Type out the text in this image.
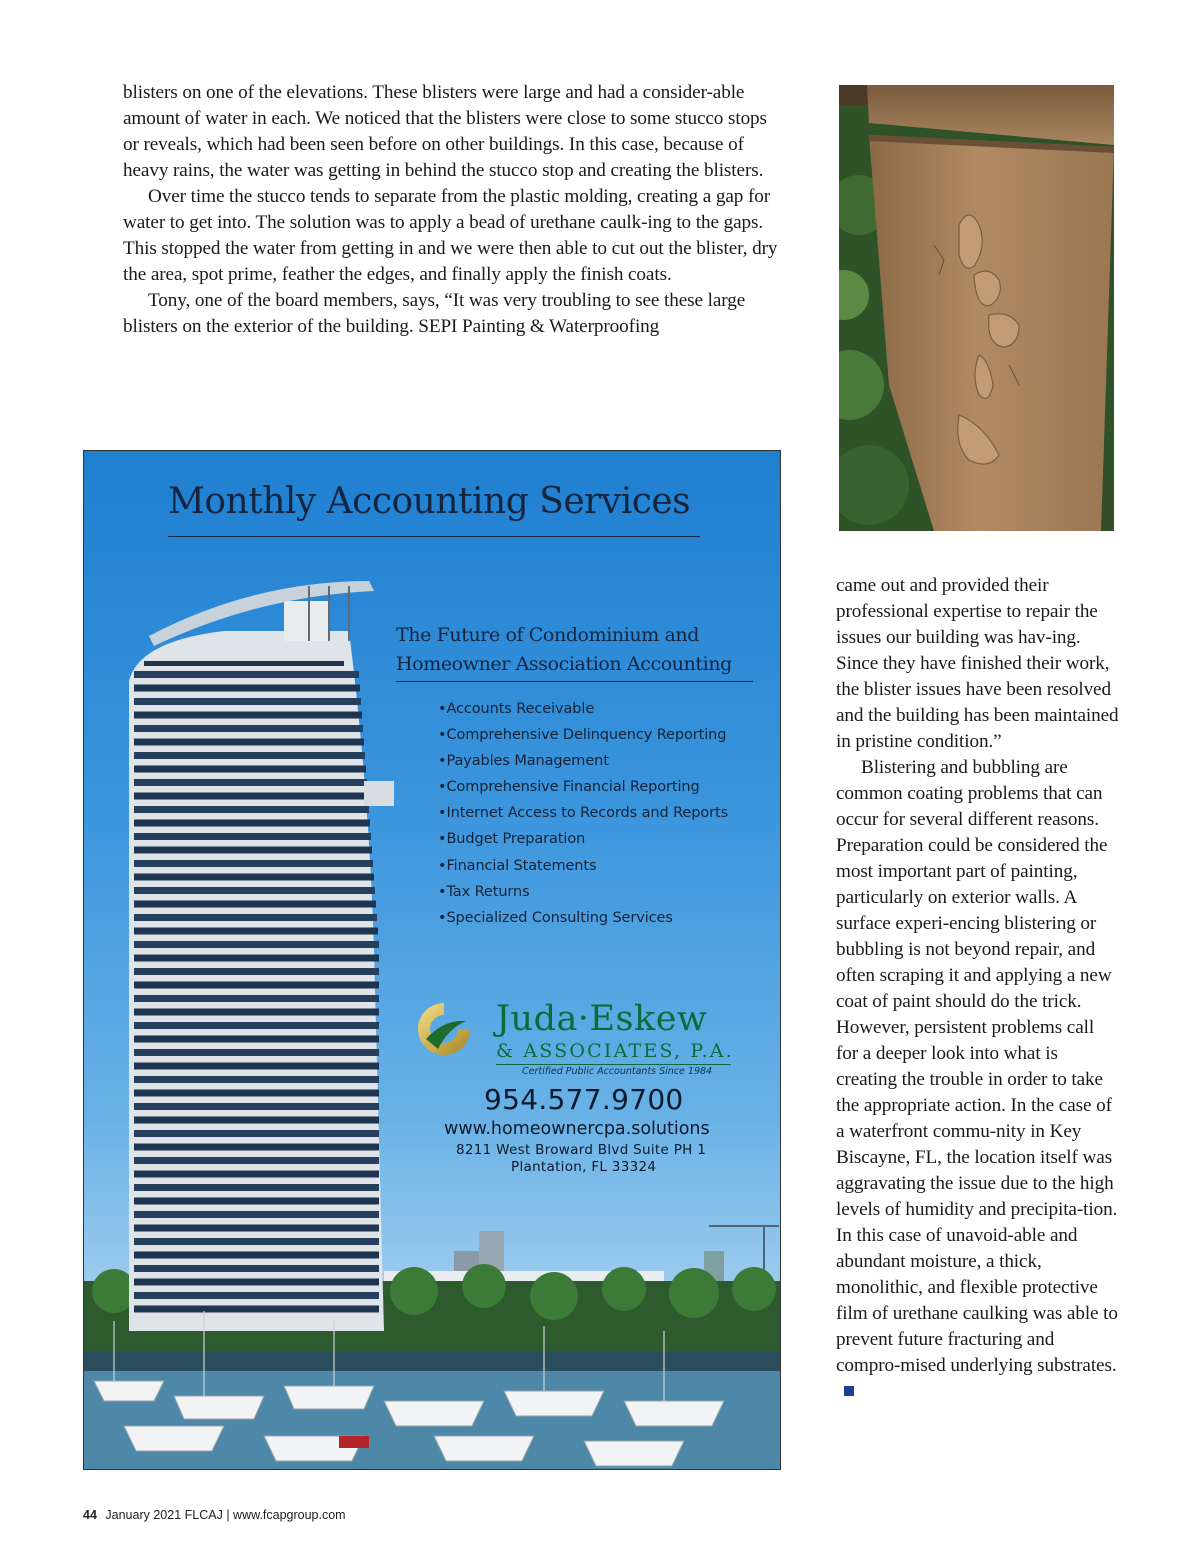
blisters on one of the elevations. These blisters were large and had a consider-able amount of water in each. We noticed that the blisters were close to some stucco stops or reveals, which had been seen before on other buildings. In this case, because of heavy rains, the water was getting in behind the stucco stop and creating the blisters.

Over time the stucco tends to separate from the plastic molding, creating a gap for water to get into. The solution was to apply a bead of urethane caulk-ing to the gaps. This stopped the water from getting in and we were then able to cut out the blister, dry the area, spot prime, feather the edges, and finally apply the finish coats.

Tony, one of the board members, says, “It was very troubling to see these large blisters on the exterior of the building. SEPI Painting & Waterproofing

Monthly Accounting Services
The Future of Condominium and
Homeowner Association Accounting
• Accounts Receivable
• Comprehensive Delinquency Reporting
• Payables Management
• Comprehensive Financial Reporting
• Internet Access to Records and Reports
• Budget Preparation
• Financial Statements
• Tax Returns
• Specialized Consulting Services
Juda·Eskew
& ASSOCIATES, P.A.
Certified Public Accountants Since 1984
954.577.9700
www.homeownercpa.solutions
8211 West Broward Blvd Suite PH 1
Plantation, FL 33324

came out and provided their professional expertise to repair the issues our building was hav-ing. Since they have finished their work, the blister issues have been resolved and the building has been maintained in pristine condition.”

Blistering and bubbling are common coating problems that can occur for several different reasons. Preparation could be considered the most important part of painting, particularly on exterior walls. A surface experi-encing blistering or bubbling is not beyond repair, and often scraping it and applying a new coat of paint should do the trick. However, persistent problems call for a deeper look into what is creating the trouble in order to take the appropriate action. In the case of a waterfront commu-nity in Key Biscayne, FL, the location itself was aggravating the issue due to the high levels of humidity and precipita-tion. In this case of unavoid-able and abundant moisture, a thick, monolithic, and flexible protective film of urethane caulking was able to prevent future fracturing and compro-mised underlying substrates.

44 January 2021 FLCAJ | www.fcapgroup.com
